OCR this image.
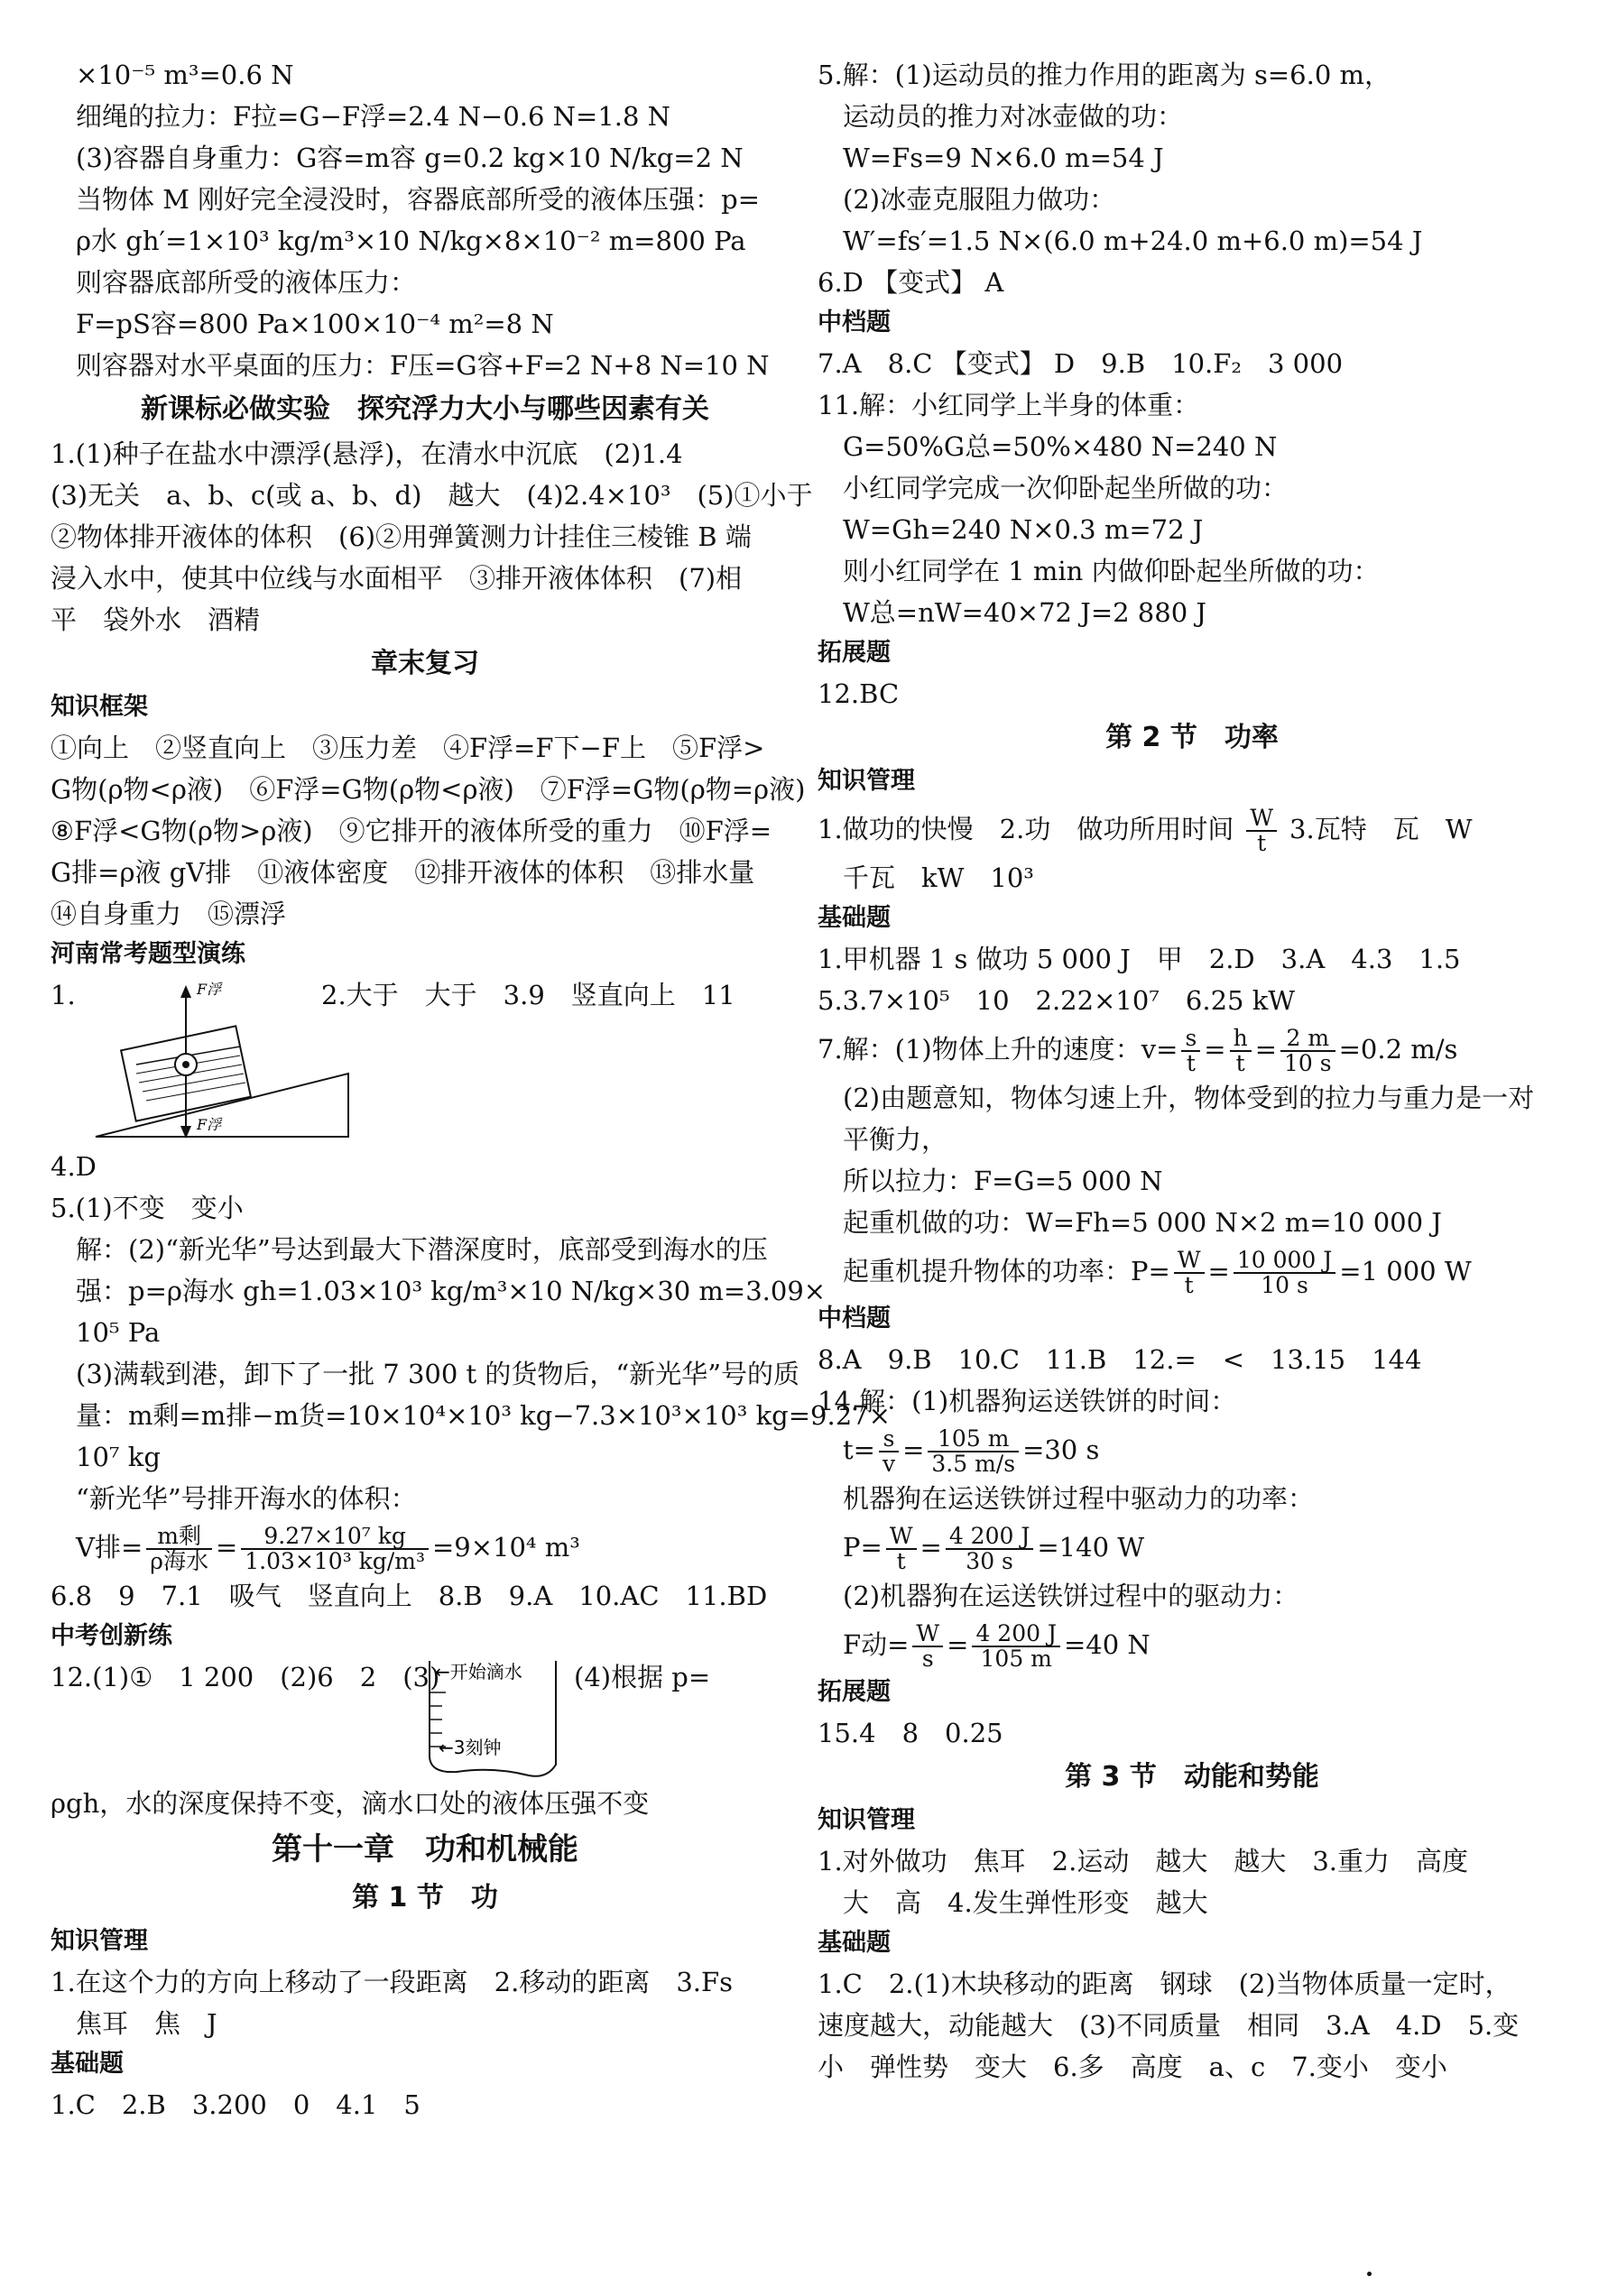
×10⁻⁵ m³=0.6 N
细绳的拉力：F拉=G−F浮=2.4 N−0.6 N=1.8 N
(3)容器自身重力：G容=m容 g=0.2 kg×10 N/kg=2 N
当物体 M 刚好完全浸没时，容器底部所受的液体压强：p=
ρ水 gh′=1×10³ kg/m³×10 N/kg×8×10⁻² m=800 Pa
则容器底部所受的液体压力：
F=pS容=800 Pa×100×10⁻⁴ m²=8 N
则容器对水平桌面的压力：F压=G容+F=2 N+8 N=10 N
新课标必做实验　探究浮力大小与哪些因素有关
1.(1)种子在盐水中漂浮(悬浮)，在清水中沉底　(2)1.4
(3)无关　a、b、c(或 a、b、d)　越大　(4)2.4×10³　(5)①小于
②物体排开液体的体积　(6)②用弹簧测力计挂住三棱锥 B 端
浸入水中，使其中位线与水面相平　③排开液体体积　(7)相
平　袋外水　酒精
章末复习
知识框架
①向上　②竖直向上　③压力差　④F浮=F下−F上　⑤F浮>
G物(ρ物<ρ液)　⑥F浮=G物(ρ物<ρ液)　⑦F浮=G物(ρ物=ρ液)
⑧F浮<G物(ρ物>ρ液)　⑨它排开的液体所受的重力　⑩F浮=
G排=ρ液 gV排　⑪液体密度　⑫排开液体的体积　⑬排水量
⑭自身重力　⑮漂浮
河南常考题型演练
1.	F浮
F浮
2.大于　大于　3.9　竖直向上　11
4.D
5.(1)不变　变小
解：(2)“新光华”号达到最大下潜深度时，底部受到海水的压
强：p=ρ海水 gh=1.03×10³ kg/m³×10 N/kg×30 m=3.09×
10⁵ Pa
(3)满载到港，卸下了一批 7 300 t 的货物后，“新光华”号的质
量：m剩=m排−m货=10×10⁴×10³ kg−7.3×10³×10³ kg=9.27×
10⁷ kg
“新光华”号排开海水的体积：
V排= $\frac{\text{m剩}}{\text{ρ海水}} = \frac{\text{9.27×10⁷ kg}}{\text{1.03×10³ kg/m³}} =9\times 10^4$ m³
6.8　9　7.1　吸气　竖直向上　8.B　9.A　10.AC　11.BD
中考创新练
12.(1)①　1 200　(2)6　2　(3)
←开始滴水
←3刻钟
(4)根据 p=
ρgh，水的深度保持不变，滴水口处的液体压强不变
第十一章　功和机械能
第 1 节　功
知识管理
1.在这个力的方向上移动了一段距离　2.移动的距离　3.Fs
焦耳　焦　J
基础题
1.C　2.B　3.200　0　4.1　5
5.解：(1)运动员的推力作用的距离为 s=6.0 m，
运动员的推力对冰壶做的功：
W=Fs=9 N×6.0 m=54 J
(2)冰壶克服阻力做功：
W′=fs′=1.5 N×(6.0 m+24.0 m+6.0 m)=54 J
6.D 【变式】 A
中档题
7.A　8.C 【变式】 D　9.B　10.F₂　3 000
11.解：小红同学上半身的体重：
G=50%G总=50%×480 N=240 N
小红同学完成一次仰卧起坐所做的功：
W=Gh=240 N×0.3 m=72 J
则小红同学在 1 min 内做仰卧起坐所做的功：
W总=nW=40×72 J=2 880 J
拓展题
12.BC
第 2 节　功率
知识管理
1.做功的快慢　2.功　做功所用时间 $\frac{W}{t} 3$.瓦特　瓦　W
千瓦　kW　10³
基础题
1.甲机器 1 s 做功 5 000 J　甲　2.D　3.A　4.3　1.5
5.3.7×10⁵　10　2.22×10⁷　6.25 kW
7.解：(1)物体上升的速度：$v= \frac{s}{t} = \frac{h}{t} = \frac{2 m}{10 s} =0.2$ m/s
(2)由题意知，物体匀速上升，物体受到的拉力与重力是一对
平衡力，
所以拉力：F=G=5 000 N
起重机做的功：W=Fh=5 000 N×2 m=10 000 J
起重机提升物体的功率：$P= \frac{W}{t} = \frac{10 000 J}{10 s} =1$ 000 W
中档题
8.A　9.B　10.C　11.B　12.=　<　13.15　144
14.解：(1)机器狗运送铁饼的时间：
$t= \frac{s}{v} = \frac{105 m}{3.5 m/s} =30$ s
机器狗在运送铁饼过程中驱动力的功率：
$P= \frac{W}{t} = \frac{4 200 J}{30 s} =140$ W
(2)机器狗在运送铁饼过程中的驱动力：
F动= $\frac{W}{s} = \frac{4 200 J}{105 m} =40$ N
拓展题
15.4　8　0.25
第 3 节　动能和势能
知识管理
1.对外做功　焦耳　2.运动　越大　越大　3.重力　高度
大　高　4.发生弹性形变　越大
基础题
1.C　2.(1)木块移动的距离　钢球　(2)当物体质量一定时，
速度越大，动能越大　(3)不同质量　相同　3.A　4.D　5.变
小　弹性势　变大　6.多　高度　a、c　7.变小　变小
